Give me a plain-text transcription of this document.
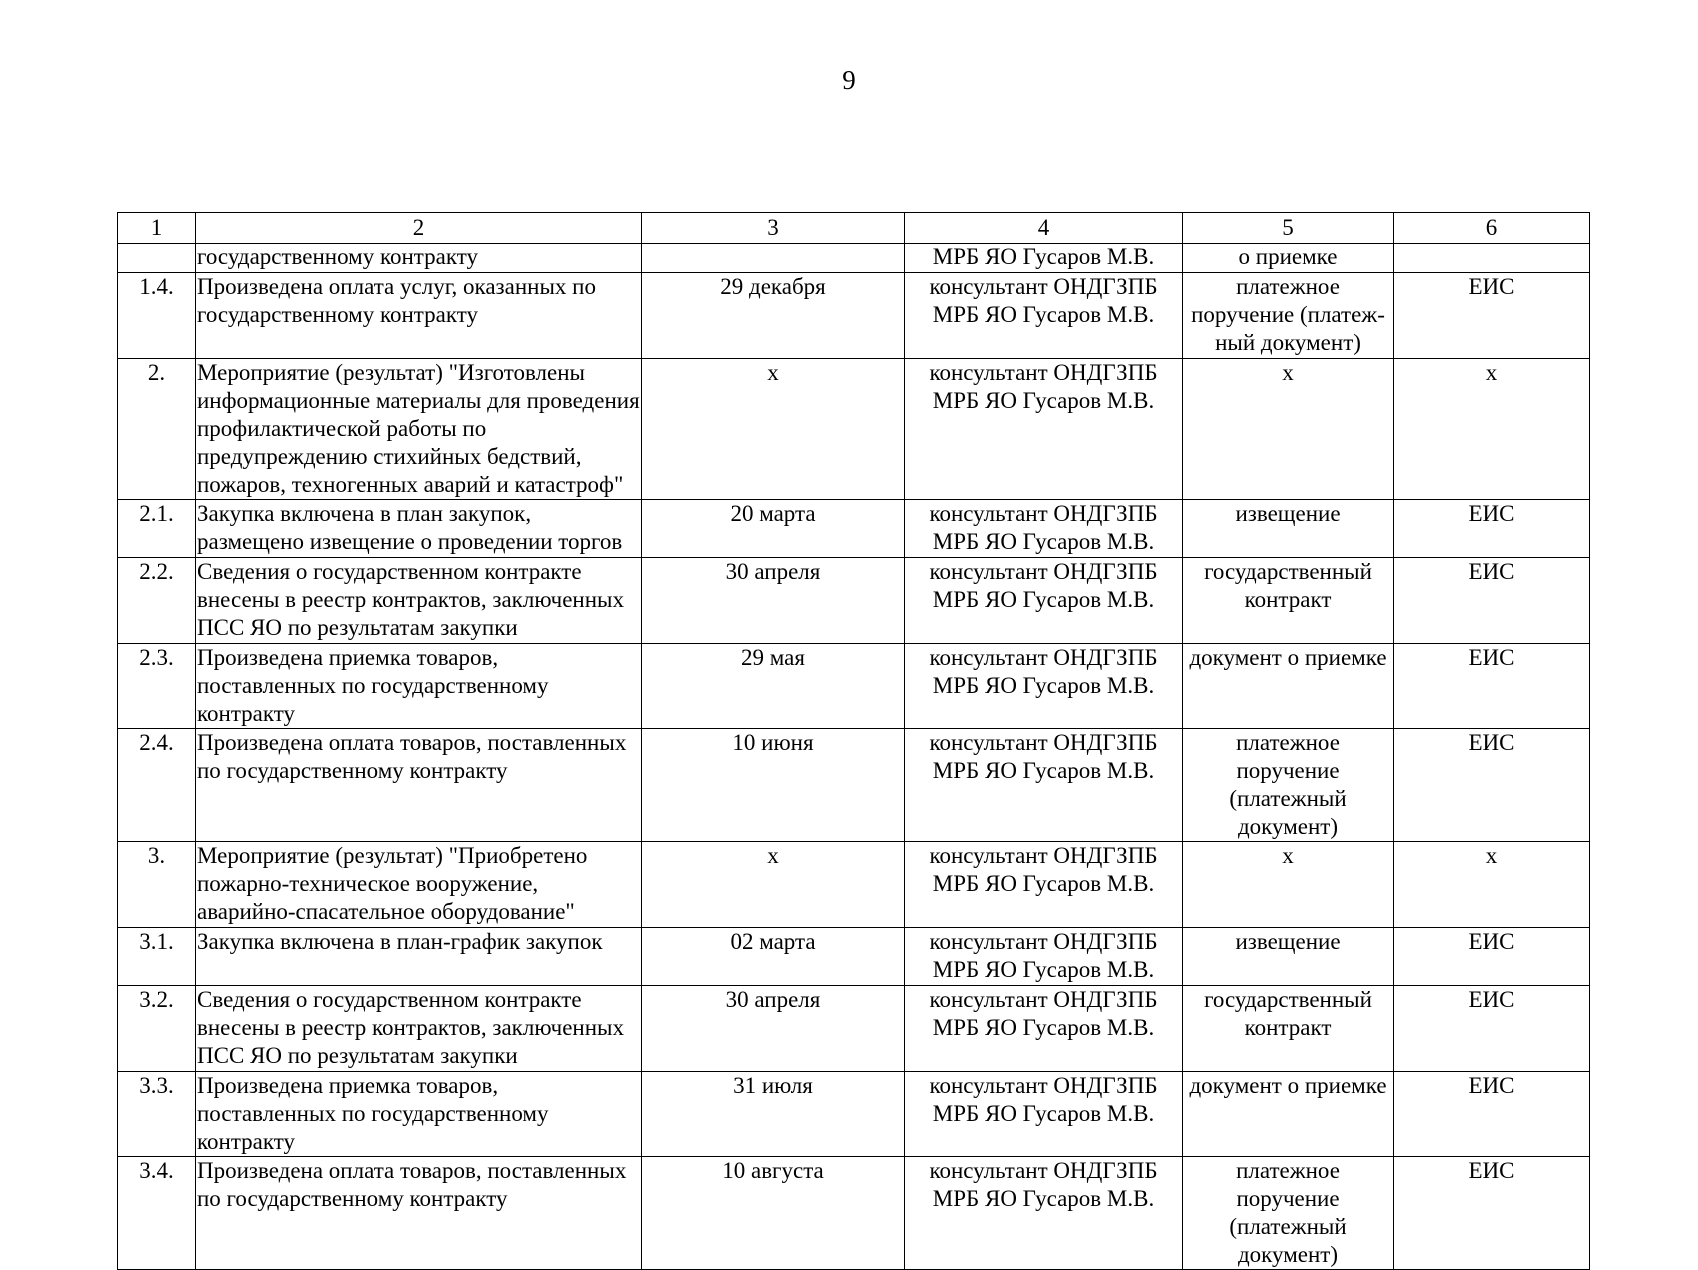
9
1	2	3	4	5	6
	государственному контракту		МРБ ЯО Гусаров М.В.	о приемке	
1.4.	Произведена оплата услуг, оказанных по государственному контракту	29 декабря	консультант ОНДГЗПБ МРБ ЯО Гусаров М.В.	платежное поручение (платеж-ный документ)	ЕИС
2.	Мероприятие (результат) "Изготовлены информационные материалы для проведения профилактической работы по предупреждению стихийных бедствий, пожаров, техногенных аварий и катастроф"	х	консультант ОНДГЗПБ МРБ ЯО Гусаров М.В.	х	х
2.1.	Закупка включена в план закупок, размещено извещение о проведении торгов	20 марта	консультант ОНДГЗПБ МРБ ЯО Гусаров М.В.	извещение	ЕИС
2.2.	Сведения о государственном контракте внесены в реестр контрактов, заключенных ПСС ЯО по результатам закупки	30 апреля	консультант ОНДГЗПБ МРБ ЯО Гусаров М.В.	государственный контракт	ЕИС
2.3.	Произведена приемка товаров, поставленных по государственному контракту	29 мая	консультант ОНДГЗПБ МРБ ЯО Гусаров М.В.	документ о приемке	ЕИС
2.4.	Произведена оплата товаров, поставленных по государственному контракту	10 июня	консультант ОНДГЗПБ МРБ ЯО Гусаров М.В.	платежное поручение (платежный документ)	ЕИС
3.	Мероприятие (результат) "Приобретено пожарно-техническое вооружение, аварийно-спасательное оборудование"	х	консультант ОНДГЗПБ МРБ ЯО Гусаров М.В.	х	х
3.1.	Закупка включена в план-график закупок	02 марта	консультант ОНДГЗПБ МРБ ЯО Гусаров М.В.	извещение	ЕИС
3.2.	Сведения о государственном контракте внесены в реестр контрактов, заключенных ПСС ЯО по результатам закупки	30 апреля	консультант ОНДГЗПБ МРБ ЯО Гусаров М.В.	государственный контракт	ЕИС
3.3.	Произведена приемка товаров, поставленных по государственному контракту	31 июля	консультант ОНДГЗПБ МРБ ЯО Гусаров М.В.	документ о приемке	ЕИС
3.4.	Произведена оплата товаров, поставленных по государственному контракту	10 августа	консультант ОНДГЗПБ МРБ ЯО Гусаров М.В.	платежное поручение (платежный документ)	ЕИС
